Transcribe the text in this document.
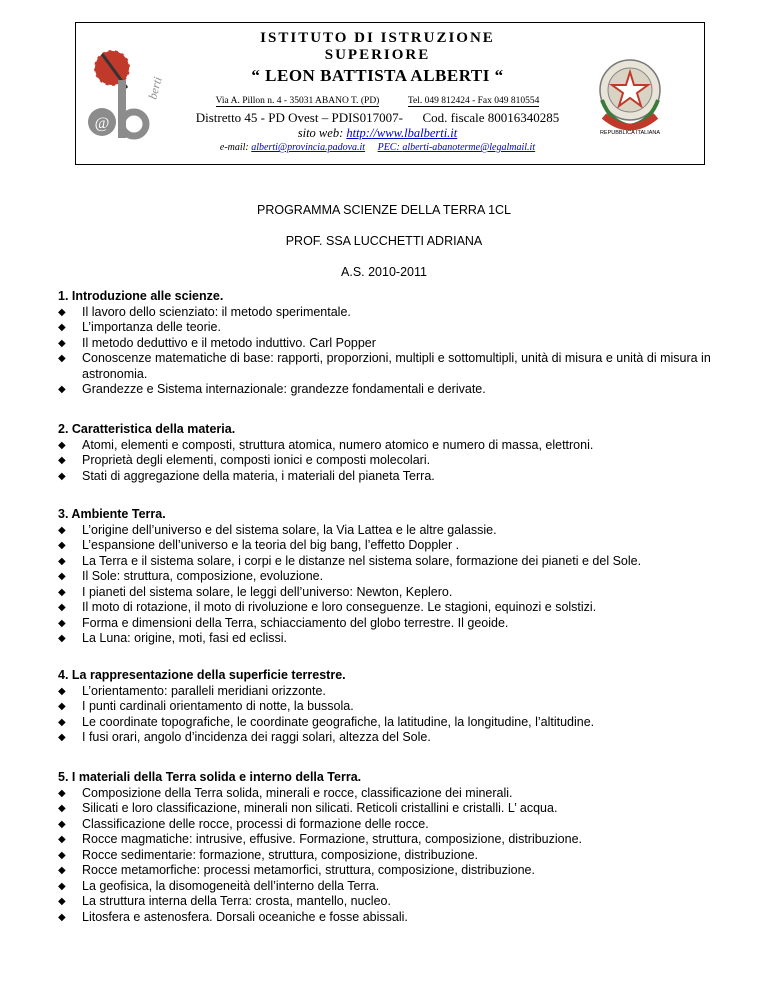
@
berti
REPUBBLICA ITALIANA
ISTITUTO DI ISTRUZIONE
SUPERIORE
“ LEON BATTISTA ALBERTI “
Via A. Pillon n. 4 - 35031 ABANO T. (PD)	Tel. 049 812424 - Fax 049 810554
Distretto 45 - PD Ovest – PDIS017007- Cod. fiscale 80016340285
sito web: http://www.lbalberti.it
e-mail: alberti@provincia.padova.it PEC: alberti-abanoterme@legalmail.it
PROGRAMMA SCIENZE DELLA TERRA 1CL
PROF. SSA LUCCHETTI ADRIANA
A.S. 2010-2011
1. Introduzione alle scienze.
◆ Il lavoro dello scienziato: il metodo sperimentale.
◆ L’importanza delle teorie.
◆ Il metodo deduttivo e il metodo induttivo. Carl Popper
◆ Conoscenze matematiche di base: rapporti, proporzioni, multipli e sottomultipli, unità di misura e unità di misura in astronomia.
◆ Grandezze e Sistema internazionale: grandezze fondamentali e derivate.
2. Caratteristica della materia.
◆ Atomi, elementi e composti, struttura atomica, numero atomico e numero di massa, elettroni.
◆ Proprietà degli elementi, composti ionici e composti molecolari.
◆ Stati di aggregazione della materia, i materiali del pianeta Terra.
3. Ambiente Terra.
◆ L’origine dell’universo e del sistema solare, la Via Lattea e le altre galassie.
◆ L’espansione dell’universo e la teoria del big bang, l’effetto Doppler .
◆ La Terra e il sistema solare, i corpi e le distanze nel sistema solare, formazione dei pianeti e del Sole.
◆ Il Sole: struttura, composizione, evoluzione.
◆ I pianeti del sistema solare, le leggi dell’universo: Newton, Keplero.
◆ Il moto di rotazione, il moto di rivoluzione e loro conseguenze. Le stagioni, equinozi e solstizi.
◆ Forma e dimensioni della Terra, schiacciamento del globo terrestre. Il geoide.
◆ La Luna: origine, moti, fasi ed eclissi.
4. La rappresentazione della superficie terrestre.
◆ L’orientamento: paralleli meridiani orizzonte.
◆ I punti cardinali orientamento di notte, la bussola.
◆ Le coordinate topografiche, le coordinate geografiche, la latitudine, la longitudine, l’altitudine.
◆ I fusi orari, angolo d’incidenza dei raggi solari, altezza del Sole.
5. I materiali della Terra solida e interno della Terra.
◆ Composizione della Terra solida, minerali e rocce, classificazione dei minerali.
◆ Silicati e loro classificazione, minerali non silicati. Reticoli cristallini e cristalli. L’ acqua.
◆ Classificazione delle rocce, processi di formazione delle rocce.
◆ Rocce magmatiche: intrusive, effusive. Formazione, struttura, composizione, distribuzione.
◆ Rocce sedimentarie: formazione, struttura, composizione, distribuzione.
◆ Rocce metamorfiche: processi metamorfici, struttura, composizione, distribuzione.
◆ La geofisica, la disomogeneità dell’interno della Terra.
◆ La struttura interna della Terra: crosta, mantello, nucleo.
◆ Litosfera e astenosfera. Dorsali oceaniche e fosse abissali.
